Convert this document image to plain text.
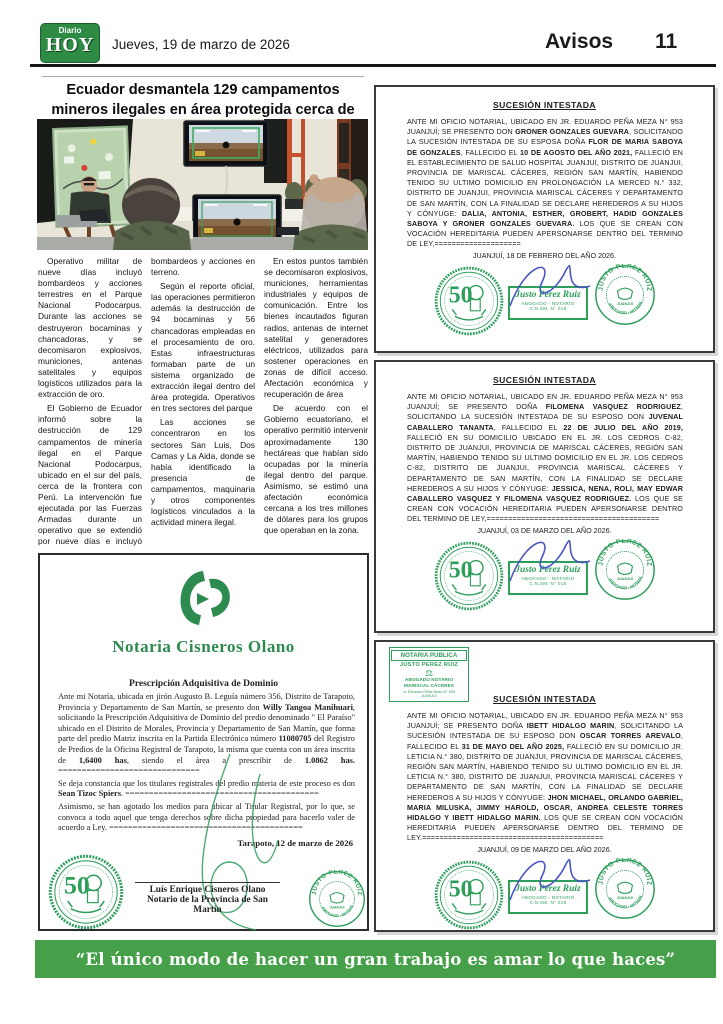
Diario
HOY	Jueves, 19 de marzo de 2026	Avisos 11
Ecuador desmantela 129 campamentos mineros ilegales en área protegida cerca de

Operativo militar de nueve días incluyó bombardeos y acciones terrestres en el Parque Nacional Podocarpus. Durante las acciones se destruyeron bocaminas y chancadoras, y se decomisaron explosivos, municiones, antenas satelitales y equipos logísticos utilizados para la extracción de oro.

El Gobierno de Ecuador informó sobre la destrucción de 129 campamentos de minería ilegal en el Parque Nacional Podocarpus, ubicado en el sur del país, cerca de la frontera con Perú. La intervención fue ejecutada por las Fuerzas Armadas durante un operativo que se extendió por nueve días e incluyó bombardeos y acciones en terreno.

Según el reporte oficial, las operaciones permitieron además la destrucción de 94 bocaminas y 56 chancadoras empleadas en el procesamiento de oro. Estas infraestructuras formaban parte de un sistema organizado de extracción ilegal dentro del área protegida. Operativos en tres sectores del parque

Las acciones se concentraron en los sectores San Luis, Dos Camas y La Aida, donde se había identificado la presencia de campamentos, maquinaria y otros componentes logísticos vinculados a la actividad minera ilegal.

En estos puntos también se decomisaron explosivos, municiones, herramientas industriales y equipos de comunicación. Entre los bienes incautados figuran radios, antenas de internet satelital y generadores eléctricos, utilizados para sostener operaciones en zonas de difícil acceso. Afectación económica y recuperación de área

De acuerdo con el Gobierno ecuatoriano, el operativo permitió intervenir aproximadamente 130 hectáreas que habían sido ocupadas por la minería ilegal dentro del parque. Asimismo, se estimó una afectación económica cercana a los tres millones de dólares para los grupos que operaban en la zona.

Notaria Cisneros Olano
Prescripción Adquisitiva de Dominio

Ante mi Notaría, ubicada en jirón Augusto B. Leguía número 356, Distrito de Tarapoto, Provincia y Departamento de San Martín, se presento don Willy Tangoa Manihuari, solicitando la Prescripción Adquisitiva de Dominio del predio denominado " El Paraíso" ubicado en el Distrito de Morales, Provincia y Departamento de San Martín, que forma parte del predio Matriz inscrita en la Partida Electrónica número 11080705 del Registro de Predios de la Oficina Registral de Tarapoto, la misma que cuenta con un área inscrita de 1,6400 has, siendo el área a prescribir de 1.0862 has. ==============================

Se deja constancia que los titulares registrales del predio materia de este proceso es don Sean Tizoc Spiers. =========================================

Asimismo, se han agotado los medios para ubicar al Titular Registral, por lo que, se convoca a todo aquel que tenga derechos sobre dicha propiedad para hacerlo valer de acuerdo a Ley. =========================================

Tarapoto, 12 de marzo de 2026
Luís Enrique Cisneros Olano
Notario de la Provincia de San Martín
SUCESIÓN INTESTADA
ANTE MI OFICIO NOTARIAL, UBICADO EN JR. EDUARDO PEÑA MEZA N° 953 JUANJUÍ; SE PRESENTO DON GRONER GONZALES GUEVARA, SOLICITANDO LA SUCESIÓN INTESTADA DE SU ESPOSA DOÑA FLOR DE MARIA SABOYA DE GONZALES, FALLECIDO EL 10 DE AGOSTO DEL AÑO 2021, FALLECIÓ EN EL ESTABLECIMIENTO DE SALUD HOSPITAL JUANJUI, DISTRITO DE JUANJUI, PROVINCIA DE MARISCAL CÁCERES, REGIÓN SAN MARTÍN, HABIENDO TENIDO SU ULTIMO DOMICILIO EN PROLONGACIÓN LA MERCED N.° 332, DISTRITO DE JUANJUI, PROVINCIA MARISCAL CÁCERES Y DEPARTAMENTO DE SAN MARTÍN, CON LA FINALIDAD SE DECLARE HEREDEROS A SU HIJOS Y CÓNYUGE: DALIA, ANTONIA, ESTHER, GROBERT, HADID GONZALES SABOYA Y GRONER GONZALES GUEVARA. LOS QUE SE CREAN CON VOCACIÓN HEREDITARIA PUEDEN APERSONARSE DENTRO DEL TERMINO DE LEY,====================
JUANJUÍ, 18 DE FEBRERO DEL AÑO 2026.
Justo Pérez Ruiz
ABOGADO - NOTARIO
C.N.SM. N° 015
SUCESIÓN INTESTADA
ANTE MI OFICIO NOTARIAL, UBICADO EN JR. EDUARDO PEÑA MEZA N° 953 JUANJUÍ; SE PRESENTO DOÑA FILOMENA VASQUEZ RODRIGUEZ, SOLICITANDO LA SUCESIÓN INTESTADA DE SU ESPOSO DON JUVENAL CABALLERO TANANTA, FALLECIDO EL 22 DE JULIO DEL AÑO 2019, FALLECIÓ EN SU DOMICILIO UBICADO EN EL JR. LOS CEDROS C-82, DISTRITO DE JUANJUI, PROVINCIA DE MARISCAL CÁCERES, REGIÓN SAN MARTÍN, HABIENDO TENIDO SU ULTIMO DOMICILIO EN EL JR. LOS CEDROS C-82, DISTRITO DE JUANJUI, PROVINCIA MARISCAL CÁCERES Y DEPARTAMENTO DE SAN MARTÍN, CON LA FINALIDAD SE DECLARE HEREDEROS A SU HIJOS Y CÓNYUGE: JESSICA, NENA, ROLI, MAY EDWAR CABALLERO VASQUEZ Y FILOMENA VASQUEZ RODRIGUEZ. LOS QUE SE CREAN CON VOCACIÓN HEREDITARIA PUEDEN APERSONARSE DENTRO DEL TERMINO DE LEY,========================================
JUANJUÍ, 03 DE MARZO DEL AÑO 2026.
Justo Pérez Ruiz
ABOGADO - NOTARIO
C.N.SM. N° 015
NOTARIA PUBLICA
JUSTO PEREZ RUIZ
⚖
ABOGADO NOTARIO
MARISCAL CÁCERES
Jr. Eduardo Peña Meza N° 953
JUANJUI	SUCESIÓN INTESTADA
ANTE MI OFICIO NOTARIAL, UBICADO EN JR. EDUARDO PEÑA MEZA N° 953 JUANJUÍ; SE PRESENTO DOÑA IBETT HIDALGO MARIN, SOLICITANDO LA SUCESIÓN INTESTADA DE SU ESPOSO DON OSCAR TORRES AREVALO, FALLECIDO EL 31 DE MAYO DEL AÑO 2025, FALLECIÓ EN SU DOMICILIO JR. LETICIA N.° 380, DISTRITO DE JUANJUI, PROVINCIA DE MARISCAL CÁCERES, REGIÓN SAN MARTÍN, HABIENDO TENIDO SU ULTIMO DOMICILIO EN EL JR. LETICIA N.° 380, DISTRITO DE JUANJUI, PROVINCIA MARISCAL CÁCERES Y DEPARTAMENTO DE SAN MARTÍN, CON LA FINALIDAD SE DECLARE HEREDEROS A SU HIJOS Y CÓNYUGE: JHON MICHAEL, ORLANDO GABRIEL, MARIA MILUSKA, JIMMY HAROLD, OSCAR, ANDREA CELESTE TORRES HIDALGO Y IBETT HIDALGO MARIN. LOS QUE SE CREAN CON VOCACIÓN HEREDITARIA PUEDEN APERSONARSE DENTRO DEL TERMINO DE LEY.==========================================
JUANJUÍ, 09 DE MARZO DEL AÑO 2026.
Justo Pérez Ruiz
ABOGADO - NOTARIO
C.N.SM. N° 015
“El único modo de hacer un gran trabajo es amar lo que haces”
